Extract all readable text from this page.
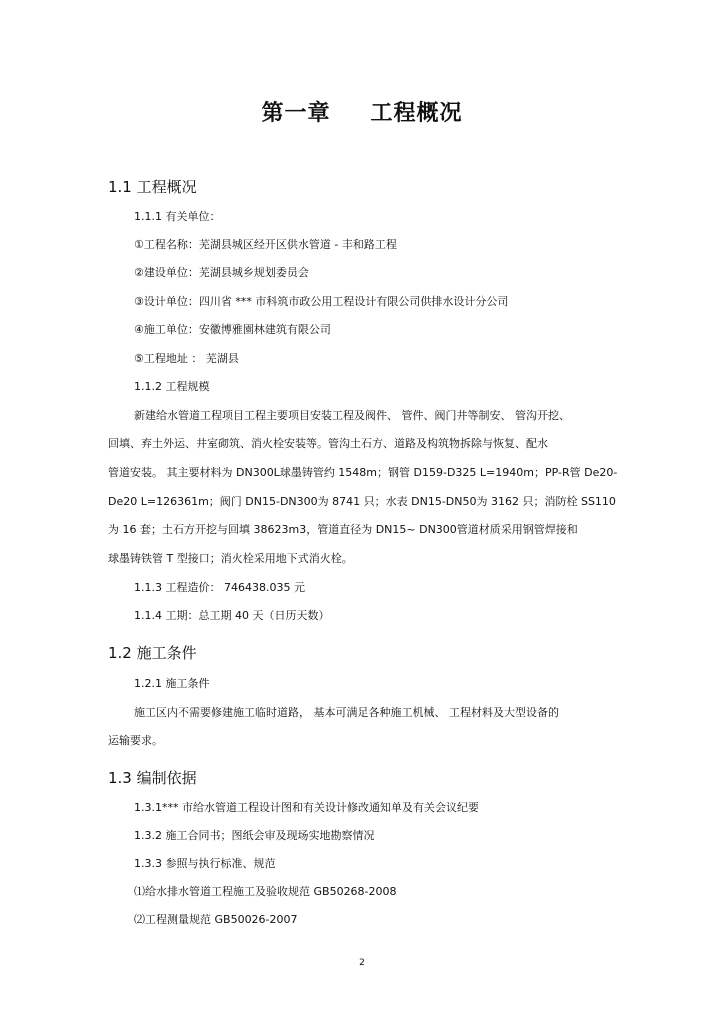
第一章 工程概况
1.1 工程概况

1.1.1 有关单位：

①工程名称：芜湖县城区经开区供水管道 - 丰和路工程

②建设单位：芜湖县城乡规划委员会

③设计单位：四川省 *** 市科筑市政公用工程设计有限公司供排水设计分公司

④施工单位：安徽博雅園林建筑有限公司

⑤工程地址 ： 芜湖县

1.1.2 工程规模

新建给水管道工程项目工程主要项目安装工程及阀件、 管件、阀门井等制安、 管沟开挖、

回填、弃土外运、井室砌筑、消火栓安装等。管沟土石方、道路及构筑物拆除与恢复、配水

管道安装。 其主要材料为 DN300L球墨铸管约 1548m；钢管 D159-D325 L=1940m；PP-R管 De20-

De20 L=126361m；阀门 DN15-DN300为 8741 只；水表 DN15-DN50为 3162 只；消防栓 SS110

为 16 套；土石方开挖与回填 38623m3，管道直径为 DN15~ DN300管道材质采用钢管焊接和

球墨铸铁管 T 型接口；消火栓采用地下式消火栓。

1.1.3 工程造价： 746438.035 元

1.1.4 工期：总工期 40 天（日历天数）

1.2 施工条件

1.2.1 施工条件

施工区内不需要修建施工临时道路， 基本可满足各种施工机械、 工程材料及大型设备的

运输要求。

1.3 编制依据

1.3.1*** 市给水管道工程设计图和有关设计修改通知单及有关会议纪要

1.3.2 施工合同书；图纸会审及现场实地勘察情况

1.3.3 参照与执行标准、规范

⑴给水排水管道工程施工及验收规范 GB50268-2008

⑵工程测量规范 GB50026-2007

2
